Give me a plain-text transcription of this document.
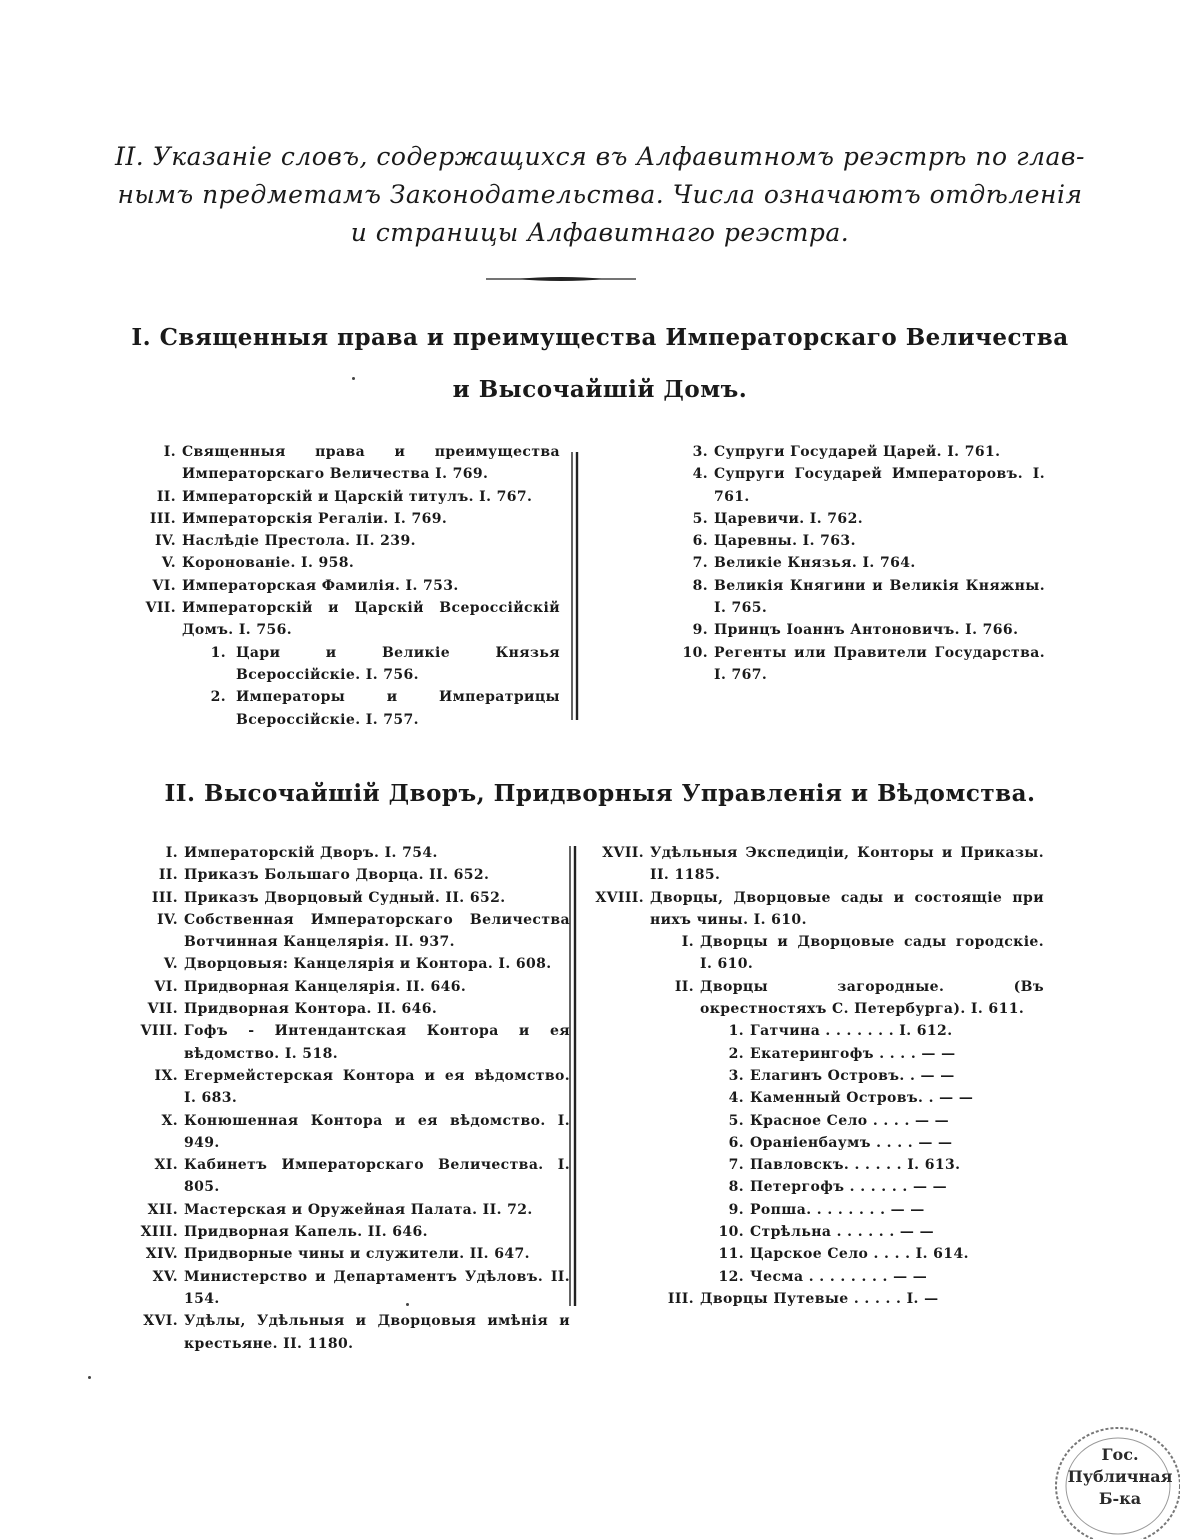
II. Указаніе словъ, содержащихся въ Алфавитномъ реэстрѣ по глав-
нымъ предметамъ Законодательства. Числа означаютъ отдѣленія
и страницы Алфавитнаго реэстра.
I. Священныя права и преимущества Императорскаго Величества
и Высочайшій Домъ.
I. Священныя права и преимущества Императорскаго Величества I. 769.
II. Императорскій и Царскій титулъ. I. 767.
III. Императорскія Регаліи. I. 769.
IV. Наслѣдіе Престола. II. 239.
V. Коронованіе. I. 958.
VI. Императорская Фамилія. I. 753.
VII. Императорскій и Царскій Всероссійскій Домъ. I. 756.
1. Цари и Великіе Князья Всероссійскіе. I. 756.
2. Императоры и Императрицы Всероссійскіе. I. 757.
3. Супруги Государей Царей. I. 761.
4. Супруги Государей Императоровъ. I. 761.
5. Царевичи. I. 762.
6. Царевны. I. 763.
7. Великіе Князья. I. 764.
8. Великія Княгини и Великія Княжны. I. 765.
9. Принцъ Іоаннъ Антоновичъ. I. 766.
10. Регенты или Правители Государства. I. 767.
II. Высочайшій Дворъ, Придворныя Управленія и Вѣдомства.
I. Императорскій Дворъ. I. 754.
II. Приказъ Большаго Дворца. II. 652.
III. Приказъ Дворцовый Судный. II. 652.
IV. Собственная Императорскаго Величества Вотчинная Канцелярія. II. 937.
V. Дворцовыя: Канцелярія и Контора. I. 608.
VI. Придворная Канцелярія. II. 646.
VII. Придворная Контора. II. 646.
VIII. Гофъ - Интендантская Контора и ея вѣдомство. I. 518.
IX. Егермейстерская Контора и ея вѣдомство. I. 683.
X. Конюшенная Контора и ея вѣдомство. I. 949.
XI. Кабинетъ Императорскаго Величества. I. 805.
XII. Мастерская и Оружейная Палата. II. 72.
XIII. Придворная Капель. II. 646.
XIV. Придворные чины и служители. II. 647.
XV. Министерство и Департаментъ Удѣловъ. II. 154.
XVI. Удѣлы, Удѣльныя и Дворцовыя имѣнія и крестьяне. II. 1180.
XVII. Удѣльныя Экспедиціи, Конторы и Приказы. II. 1185.
XVIII. Дворцы, Дворцовые сады и состоящіе при нихъ чины. I. 610.
I. Дворцы и Дворцовые сады городскіе. I. 610.
II. Дворцы загородные. (Въ окрестностяхъ С. Петербурга). I. 611.
1. Гатчина . . . . . . . I. 612.
2. Екатерингофъ . . . . — —
3. Елагинъ Островъ. . — —
4. Каменный Островъ. . — —
5. Красное Село . . . . — —
6. Ораніенбаумъ . . . . — —
7. Павловскъ. . . . . . I. 613.
8. Петергофъ . . . . . . — —
9. Ропша. . . . . . . . — —
10. Стрѣльна . . . . . . — —
11. Царское Село . . . . I. 614.
12. Чесма . . . . . . . . — —
III. Дворцы Путевые . . . . . I. —
Гос.
Публичная
Б-ка
